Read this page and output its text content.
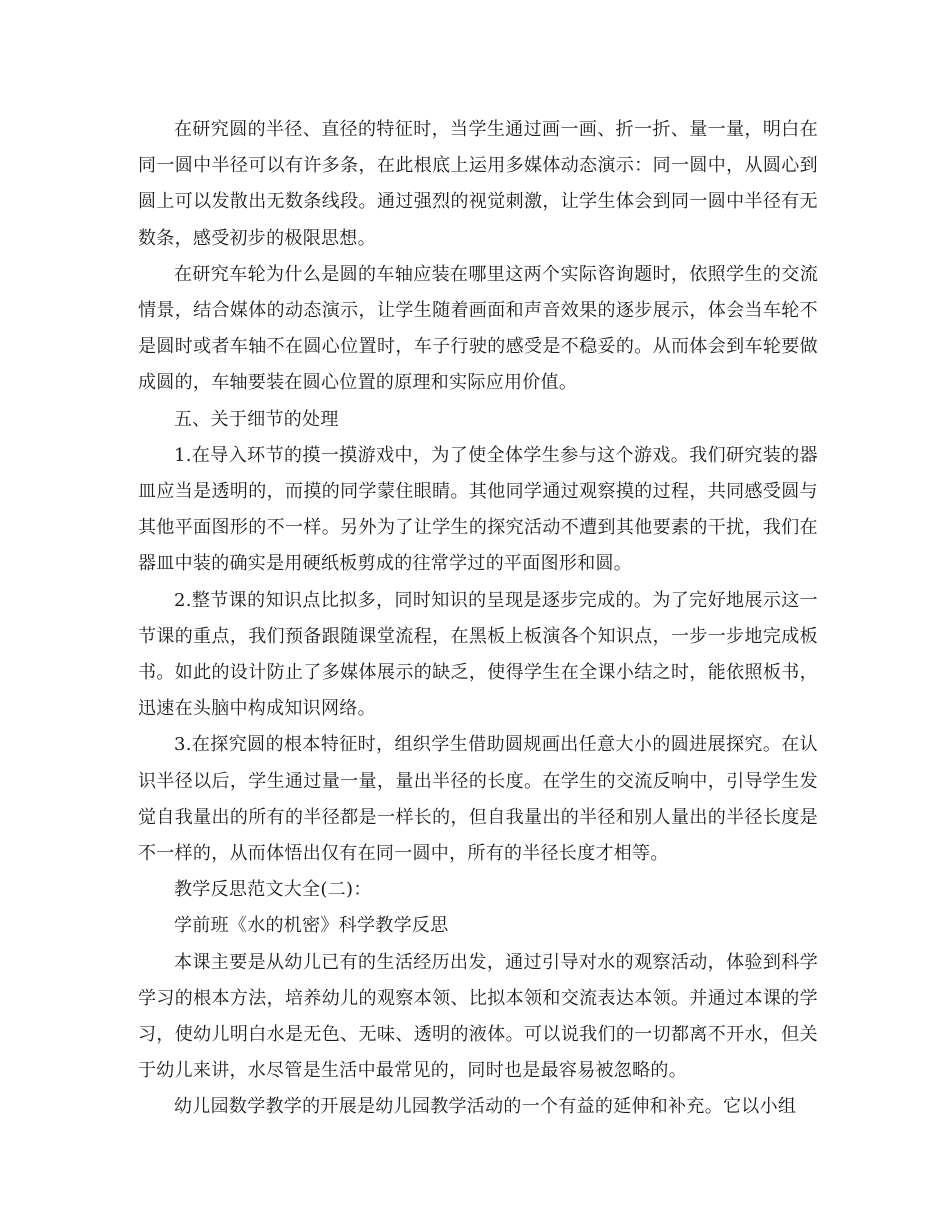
在研究圆的半径、直径的特征时，当学生通过画一画、折一折、量一量，明白在同一圆中半径可以有许多条，在此根底上运用多媒体动态演示：同一圆中，从圆心到圆上可以发散出无数条线段。通过强烈的视觉刺激，让学生体会到同一圆中半径有无数条，感受初步的极限思想。

在研究车轮为什么是圆的车轴应装在哪里这两个实际咨询题时，依照学生的交流情景，结合媒体的动态演示，让学生随着画面和声音效果的逐步展示，体会当车轮不是圆时或者车轴不在圆心位置时，车子行驶的感受是不稳妥的。从而体会到车轮要做成圆的，车轴要装在圆心位置的原理和实际应用价值。

五、关于细节的处理

1.在导入环节的摸一摸游戏中，为了使全体学生参与这个游戏。我们研究装的器皿应当是透明的，而摸的同学蒙住眼睛。其他同学通过观察摸的过程，共同感受圆与其他平面图形的不一样。另外为了让学生的探究活动不遭到其他要素的干扰，我们在器皿中装的确实是用硬纸板剪成的往常学过的平面图形和圆。

2.整节课的知识点比拟多，同时知识的呈现是逐步完成的。为了完好地展示这一节课的重点，我们预备跟随课堂流程，在黑板上板演各个知识点，一步一步地完成板书。如此的设计防止了多媒体展示的缺乏，使得学生在全课小结之时，能依照板书，迅速在头脑中构成知识网络。

3.在探究圆的根本特征时，组织学生借助圆规画出任意大小的圆进展探究。在认识半径以后，学生通过量一量，量出半径的长度。在学生的交流反响中，引导学生发觉自我量出的所有的半径都是一样长的，但自我量出的半径和别人量出的半径长度是不一样的，从而体悟出仅有在同一圆中，所有的半径长度才相等。

教学反思范文大全(二)：

学前班《水的机密》科学教学反思

本课主要是从幼儿已有的生活经历出发，通过引导对水的观察活动，体验到科学学习的根本方法，培养幼儿的观察本领、比拟本领和交流表达本领。并通过本课的学习，使幼儿明白水是无色、无味、透明的液体。可以说我们的一切都离不开水，但关于幼儿来讲，水尽管是生活中最常见的，同时也是最容易被忽略的。

幼儿园数学教学的开展是幼儿园教学活动的一个有益的延伸和补充。它以小组
